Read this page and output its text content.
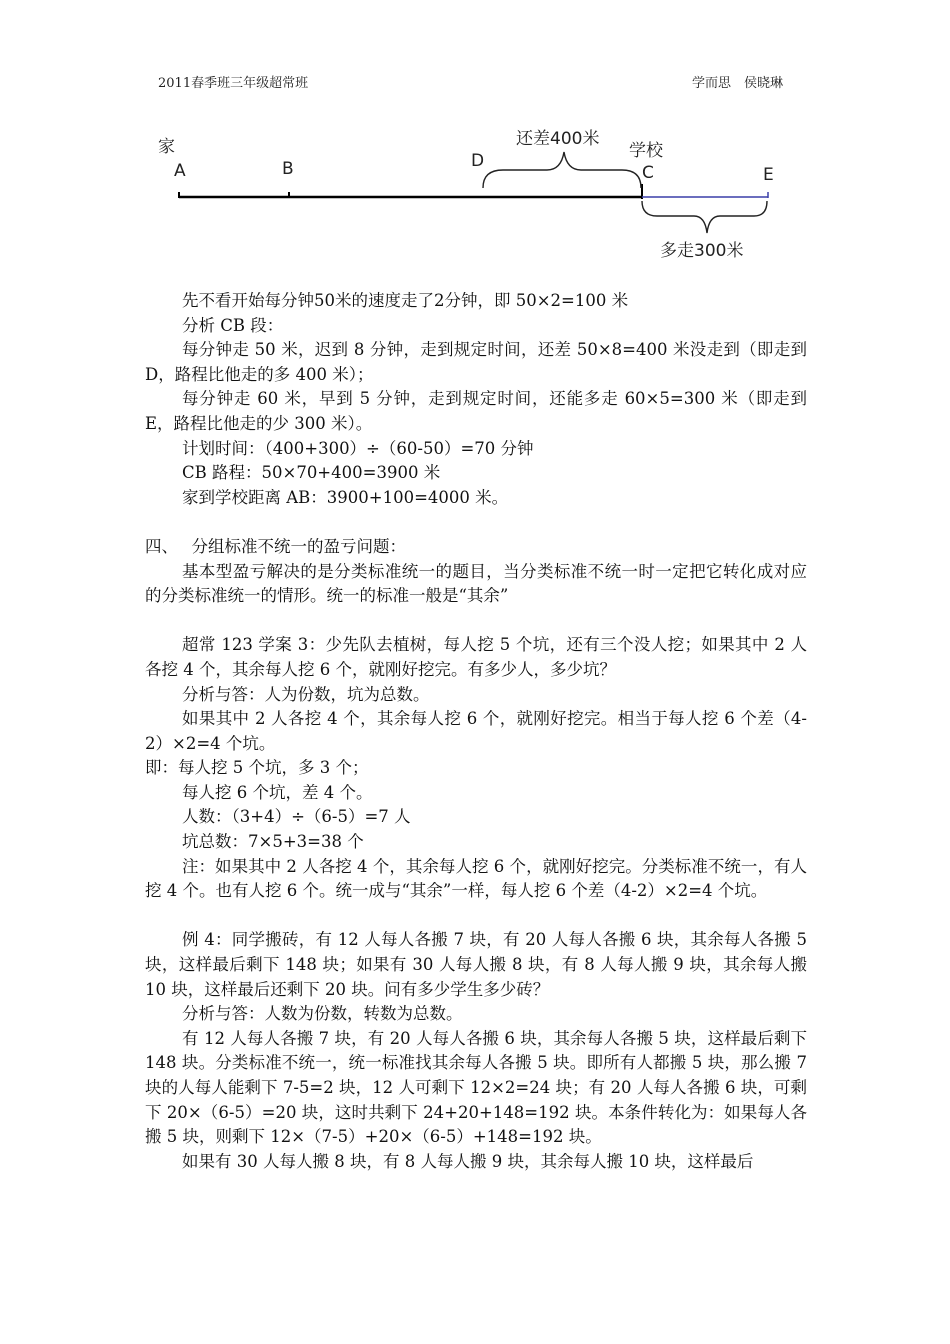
2011春季班三年级超常班	学而思　侯晓琳
家
A	B	D	学校
C	E
还差400米
多走300米

先不看开始每分钟50米的速度走了2分钟，即 50×2=100 米

分析 CB 段：

每分钟走 50 米，迟到 8 分钟，走到规定时间，还差 50×8=400 米没走到（即走到 D，路程比他走的多 400 米）；

每分钟走 60 米，早到 5 分钟，走到规定时间，还能多走 60×5=300 米（即走到 E，路程比他走的少 300 米）。

计划时间：（400+300）÷（60-50）=70 分钟

CB 路程：50×70+400=3900 米

家到学校距离 AB：3900+100=4000 米。

四、　 分组标准不统一的盈亏问题：

基本型盈亏解决的是分类标准统一的题目，当分类标准不统一时一定把它转化成对应的分类标准统一的情形。统一的标准一般是“其余”

超常 123 学案 3：少先队去植树，每人挖 5 个坑，还有三个没人挖；如果其中 2 人各挖 4 个，其余每人挖 6 个，就刚好挖完。有多少人，多少坑？

分析与答：人为份数，坑为总数。

如果其中 2 人各挖 4 个，其余每人挖 6 个，就刚好挖完。相当于每人挖 6 个差（4-2）×2=4 个坑。

即：每人挖 5 个坑，多 3 个；

每人挖 6 个坑，差 4 个。

人数：（3+4）÷（6-5）=7 人

坑总数：7×5+3=38 个

注：如果其中 2 人各挖 4 个，其余每人挖 6 个，就刚好挖完。分类标准不统一，有人挖 4 个。也有人挖 6 个。统一成与“其余”一样，每人挖 6 个差（4-2）×2=4 个坑。

例 4：同学搬砖，有 12 人每人各搬 7 块，有 20 人每人各搬 6 块，其余每人各搬 5 块，这样最后剩下 148 块；如果有 30 人每人搬 8 块，有 8 人每人搬 9 块，其余每人搬 10 块，这样最后还剩下 20 块。问有多少学生多少砖？

分析与答：人数为份数，转数为总数。

有 12 人每人各搬 7 块，有 20 人每人各搬 6 块，其余每人各搬 5 块，这样最后剩下 148 块。分类标准不统一，统一标准找其余每人各搬 5 块。即所有人都搬 5 块，那么搬 7 块的人每人能剩下 7-5=2 块，12 人可剩下 12×2=24 块；有 20 人每人各搬 6 块，可剩下 20×（6-5）=20 块，这时共剩下 24+20+148=192 块。本条件转化为：如果每人各搬 5 块，则剩下 12×（7-5）+20×（6-5）+148=192 块。

如果有 30 人每人搬 8 块，有 8 人每人搬 9 块，其余每人搬 10 块，这样最后
